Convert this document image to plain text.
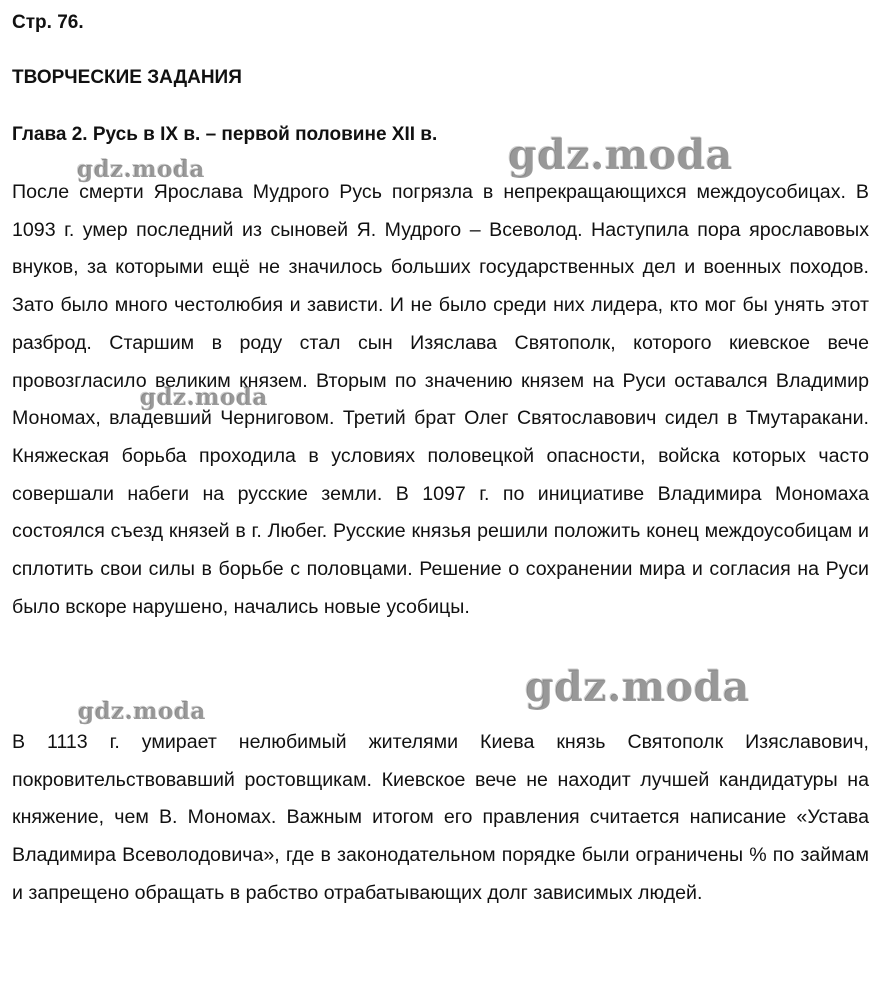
Стр. 76.
ТВОРЧЕСКИЕ ЗАДАНИЯ
Глава 2. Русь в IX в. – первой половине XII в.

После смерти Ярослава Мудрого Русь погрязла в непрекращающихся междоусобицах. В 1093 г. умер последний из сыновей Я. Мудрого – Всеволод. Наступила пора ярославовых внуков, за которыми ещё не значилось больших государственных дел и военных походов. Зато было много честолюбия и зависти. И не было среди них лидера, кто мог бы унять этот разброд. Старшим в роду стал сын Изяслава Святополк, которого киевское вече провозгласило великим князем. Вторым по значению князем на Руси оставался Владимир Мономах, владевший Черниговом. Третий брат Олег Святославович сидел в Тмутаракани. Княжеская борьба проходила в условиях половецкой опасности, войска которых часто совершали набеги на русские земли. В 1097 г. по инициативе Владимира Мономаха состоялся съезд князей в г. Любег. Русские князья решили положить конец междоусобицам и сплотить свои силы в борьбе с половцами. Решение о сохранении мира и согласия на Руси было вскоре нарушено, начались новые усобицы.

В 1113 г. умирает нелюбимый жителями Киева князь Святополк Изяславович, покровительствовавший ростовщикам. Киевское вече не находит лучшей кандидатуры на княжение, чем В. Мономах. Важным итогом его правления считается написание «Устава Владимира Всеволодовича», где в законодательном порядке были ограничены % по займам и запрещено обращать в рабство отрабатывающих долг зависимых людей.

gdz.moda
gdz.moda
gdz.moda
gdz.moda
gdz.moda
